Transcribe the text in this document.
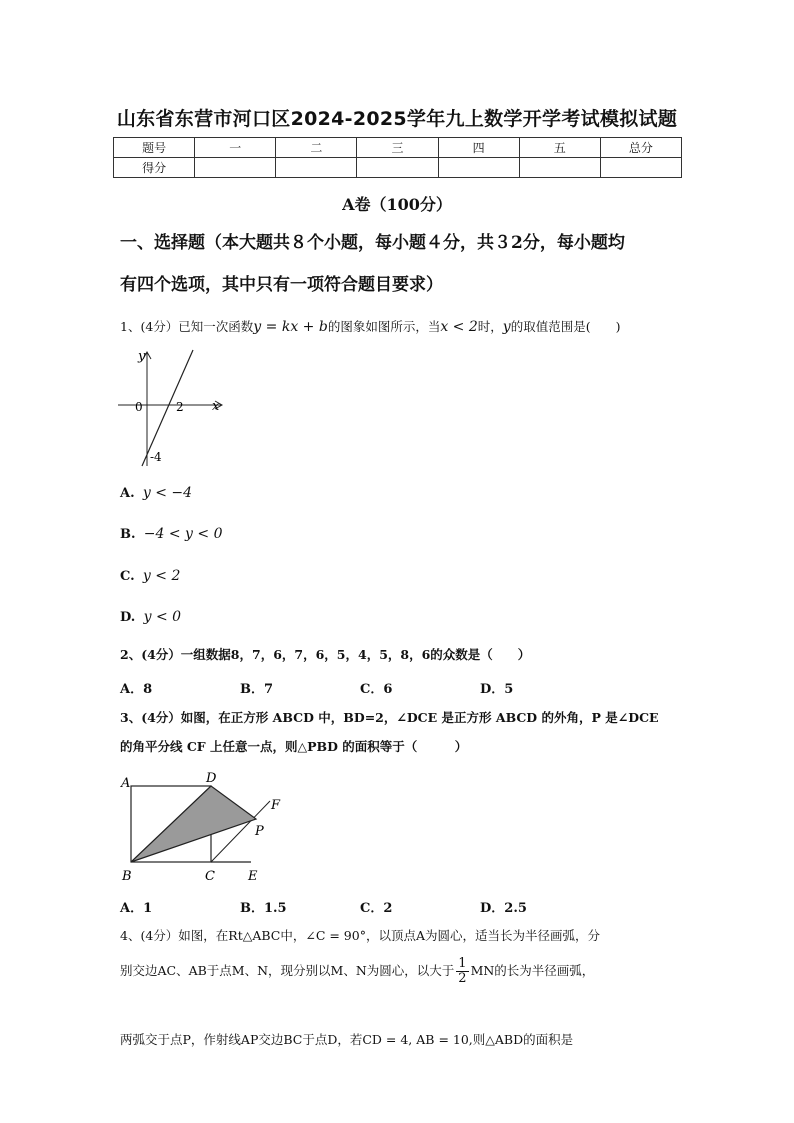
山东省东营市河口区2024-2025学年九上数学开学考试模拟试题
题号	一	二	三	四	五	总分
得分						
A卷（100分）
一、选择题（本大题共８个小题，每小题４分，共３2分，每小题均
有四个选项，其中只有一项符合题目要求）
1、(4分）已知一次函数y = kx + b的图象如图所示，当x < 2时，y的取值范围是(　　)
y
x
0	2
-4
A. y < −4
B. −4 < y < 0
C. y < 2
D. y < 0
2、(4分）一组数据8，7，6，7，6，5，4，5，8，6的众数是（　　）
A．8	B．7	C．6	D．5
3、(4分）如图，在正方形 ABCD 中，BD=2，∠DCE 是正方形 ABCD 的外角，P 是∠DCE
的角平分线 CF 上任意一点，则△PBD 的面积等于（　　　）
A	D
B	C	E
F
P
A．1	B．1.5	C．2	D．2.5
4、(4分）如图，在Rt△ABC中，∠C = 90°，以顶点A为圆心，适当长为半径画弧，分
别交边AC、AB于点M、N，现分别以M、N为圆心，以大于 $\frac{1}{2}$ MN的长为半径画弧，
两弧交于点P，作射线AP交边BC于点D，若CD = 4, AB = 10,则△ABD的面积是
